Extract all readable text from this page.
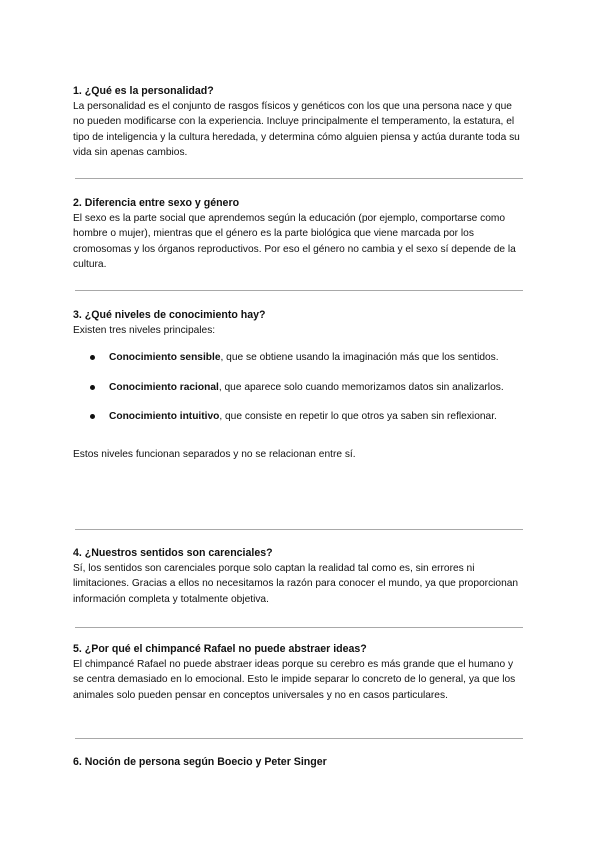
1. ¿Qué es la personalidad?

La personalidad es el conjunto de rasgos físicos y genéticos con los que una persona nace y que no pueden modificarse con la experiencia. Incluye principalmente el temperamento, la estatura, el tipo de inteligencia y la cultura heredada, y determina cómo alguien piensa y actúa durante toda su vida sin apenas cambios.

2. Diferencia entre sexo y género

El sexo es la parte social que aprendemos según la educación (por ejemplo, comportarse como hombre o mujer), mientras que el género es la parte biológica que viene marcada por los cromosomas y los órganos reproductivos. Por eso el género no cambia y el sexo sí depende de la cultura.

3. ¿Qué niveles de conocimiento hay?

Existen tres niveles principales:

Conocimiento sensible, que se obtiene usando la imaginación más que los sentidos.
Conocimiento racional, que aparece solo cuando memorizamos datos sin analizarlos.
Conocimiento intuitivo, que consiste en repetir lo que otros ya saben sin reflexionar.

Estos niveles funcionan separados y no se relacionan entre sí.

4. ¿Nuestros sentidos son carenciales?

Sí, los sentidos son carenciales porque solo captan la realidad tal como es, sin errores ni limitaciones. Gracias a ellos no necesitamos la razón para conocer el mundo, ya que proporcionan información completa y totalmente objetiva.

5. ¿Por qué el chimpancé Rafael no puede abstraer ideas?

El chimpancé Rafael no puede abstraer ideas porque su cerebro es más grande que el humano y se centra demasiado en lo emocional. Esto le impide separar lo concreto de lo general, ya que los animales solo pueden pensar en conceptos universales y no en casos particulares.

6. Noción de persona según Boecio y Peter Singer
